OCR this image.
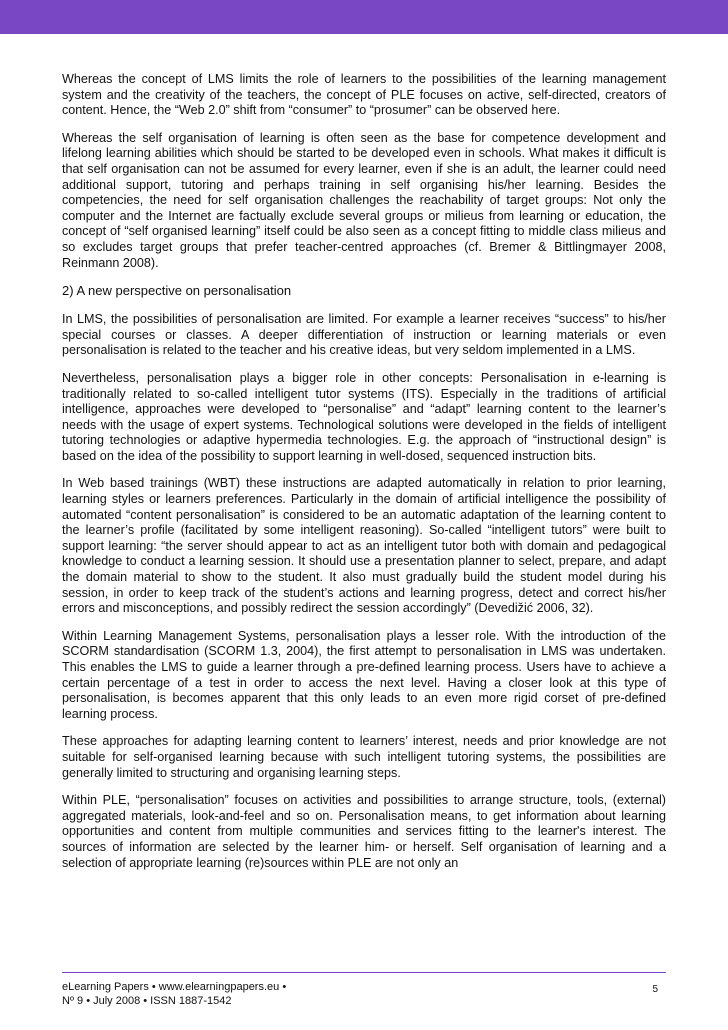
Whereas the concept of LMS limits the role of learners to the possibilities of the learning management system and the creativity of the teachers, the concept of PLE focuses on active, self-directed, creators of content. Hence, the “Web 2.0” shift from “consumer” to “prosumer” can be observed here.

Whereas the self organisation of learning is often seen as the base for competence development and lifelong learning abilities which should be started to be developed even in schools. What makes it difficult is that self organisation can not be assumed for every learner, even if she is an adult, the learner could need additional support, tutoring and perhaps training in self organising his/her learning. Besides the competencies, the need for self organisation challenges the reachability of target groups: Not only the computer and the Internet are factually exclude several groups or milieus from learning or education, the concept of “self organised learning” itself could be also seen as a concept fitting to middle class milieus and so excludes target groups that prefer teacher-centred approaches (cf. Bremer & Bittlingmayer 2008, Reinmann 2008).

2) A new perspective on personalisation

In LMS, the possibilities of personalisation are limited. For example a learner receives “success” to his/her special courses or classes. A deeper differentiation of instruction or learning materials or even personalisation is related to the teacher and his creative ideas, but very seldom implemented in a LMS.

Nevertheless, personalisation plays a bigger role in other concepts: Personalisation in e-learning is traditionally related to so-called intelligent tutor systems (ITS). Especially in the traditions of artificial intelligence, approaches were developed to “personalise” and “adapt” learning content to the learner’s needs with the usage of expert systems. Technological solutions were developed in the fields of intelligent tutoring technologies or adaptive hypermedia technologies. E.g. the approach of “instructional design” is based on the idea of the possibility to support learning in well-dosed, sequenced instruction bits.

In Web based trainings (WBT) these instructions are adapted automatically in relation to prior learning, learning styles or learners preferences. Particularly in the domain of artificial intelligence the possibility of automated “content personalisation” is considered to be an automatic adaptation of the learning content to the learner’s profile (facilitated by some intelligent reasoning). So-called “intelligent tutors” were built to support learning: “the server should appear to act as an intelligent tutor both with domain and pedagogical knowledge to conduct a learning session. It should use a presentation planner to select, prepare, and adapt the domain material to show to the student. It also must gradually build the student model during his session, in order to keep track of the student’s actions and learning progress, detect and correct his/her errors and misconceptions, and possibly redirect the session accordingly” (Devedižić 2006, 32).

Within Learning Management Systems, personalisation plays a lesser role. With the introduction of the SCORM standardisation (SCORM 1.3, 2004), the first attempt to personalisation in LMS was undertaken. This enables the LMS to guide a learner through a pre-defined learning process. Users have to achieve a certain percentage of a test in order to access the next level. Having a closer look at this type of personalisation, is becomes apparent that this only leads to an even more rigid corset of pre-defined learning process.

These approaches for adapting learning content to learners’ interest, needs and prior knowledge are not suitable for self-organised learning because with such intelligent tutoring systems, the possibilities are generally limited to structuring and organising learning steps.

Within PLE, “personalisation” focuses on activities and possibilities to arrange structure, tools, (external) aggregated materials, look-and-feel and so on. Personalisation means, to get information about learning opportunities and content from multiple communities and services fitting to the learner's interest. The sources of information are selected by the learner him- or herself. Self organisation of learning and a selection of appropriate learning (re)sources within PLE are not only an

eLearning Papers • www.elearningpapers.eu •
Nº 9 • July 2008 • ISSN 1887-1542
5
